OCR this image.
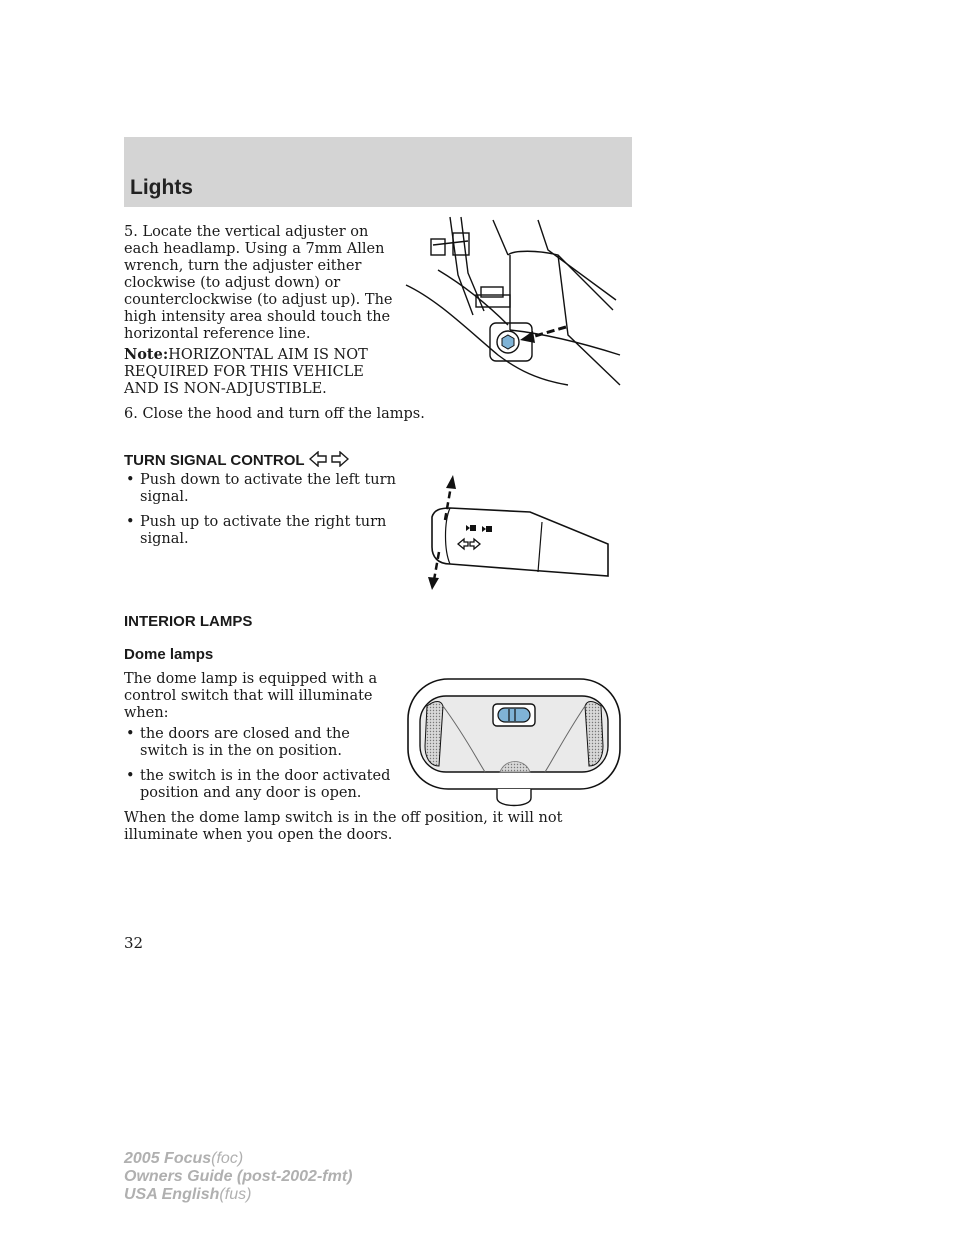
Lights
5. Locate the vertical adjuster on each headlamp. Using a 7mm Allen wrench, turn the adjuster either clockwise (to adjust down) or counterclockwise (to adjust up). The high intensity area should touch the horizontal reference line.
Note:HORIZONTAL AIM IS NOT REQUIRED FOR THIS VEHICLE AND IS NON-ADJUSTIBLE.
6. Close the hood and turn off the lamps.
TURN SIGNAL CONTROL
• Push down to activate the left turn signal.
• Push up to activate the right turn signal.
INTERIOR LAMPS
Dome lamps
The dome lamp is equipped with a control switch that will illuminate when:
• the doors are closed and the switch is in the on position.
• the switch is in the door activated position and any door is open.
When the dome lamp switch is in the off position, it will not illuminate when you open the doors.
32
2005 Focus(foc)
Owners Guide (post-2002-fmt)
USA English(fus)
